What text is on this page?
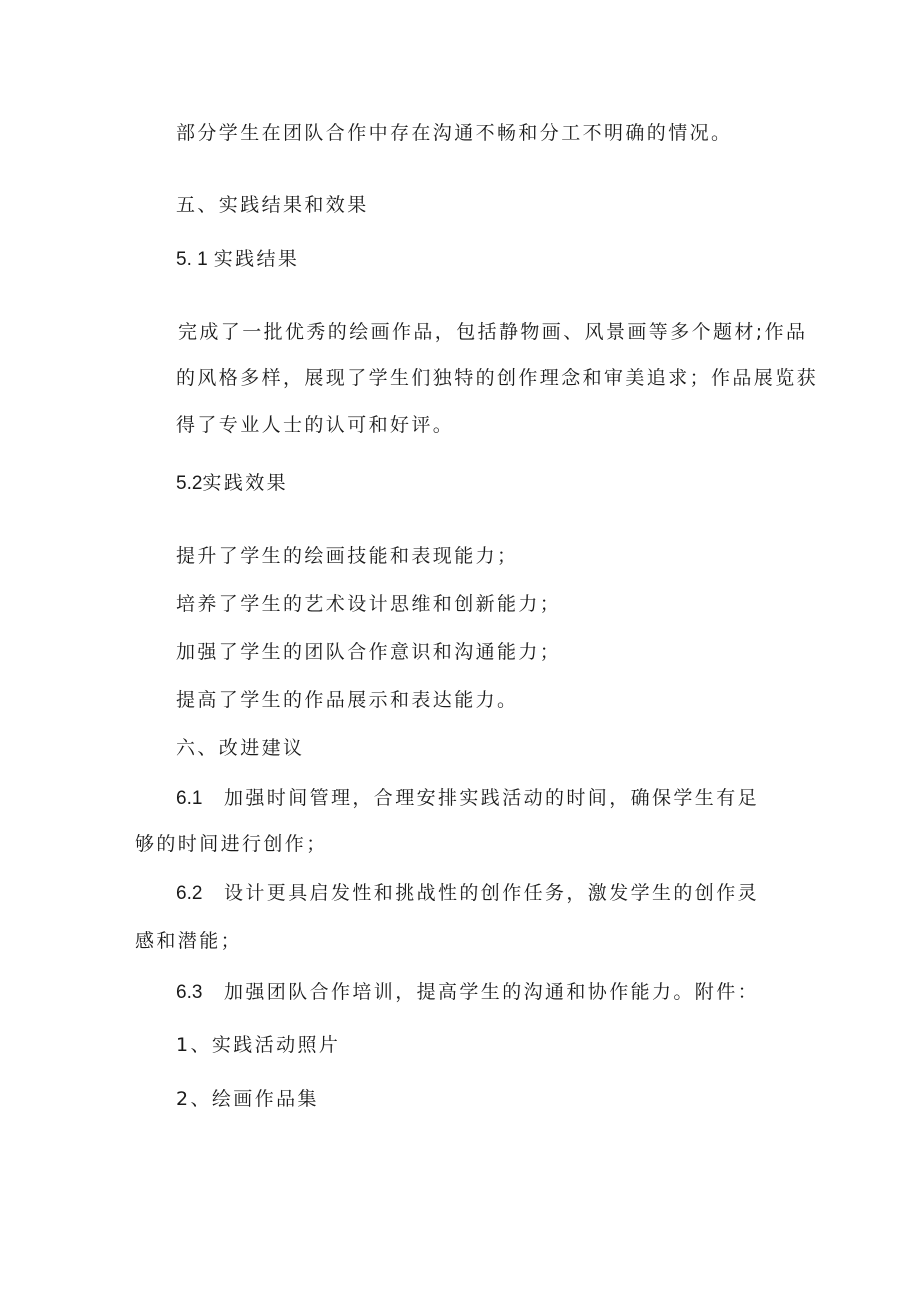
部分学生在团队合作中存在沟通不畅和分工不明确的情况。
五、实践结果和效果
5. 1 实践结果
完成了一批优秀的绘画作品，包括静物画、风景画等多个题材;作品
的风格多样，展现了学生们独特的创作理念和审美追求；作品展览获
得了专业人士的认可和好评。
5.2实践效果
提升了学生的绘画技能和表现能力；
培养了学生的艺术设计思维和创新能力；
加强了学生的团队合作意识和沟通能力；
提高了学生的作品展示和表达能力。
六、改进建议
6.1 加强时间管理，合理安排实践活动的时间，确保学生有足
够的时间进行创作；
6.2 设计更具启发性和挑战性的创作任务，激发学生的创作灵
感和潜能；
6.3 加强团队合作培训，提高学生的沟通和协作能力。附件：
1、实践活动照片
2、绘画作品集
